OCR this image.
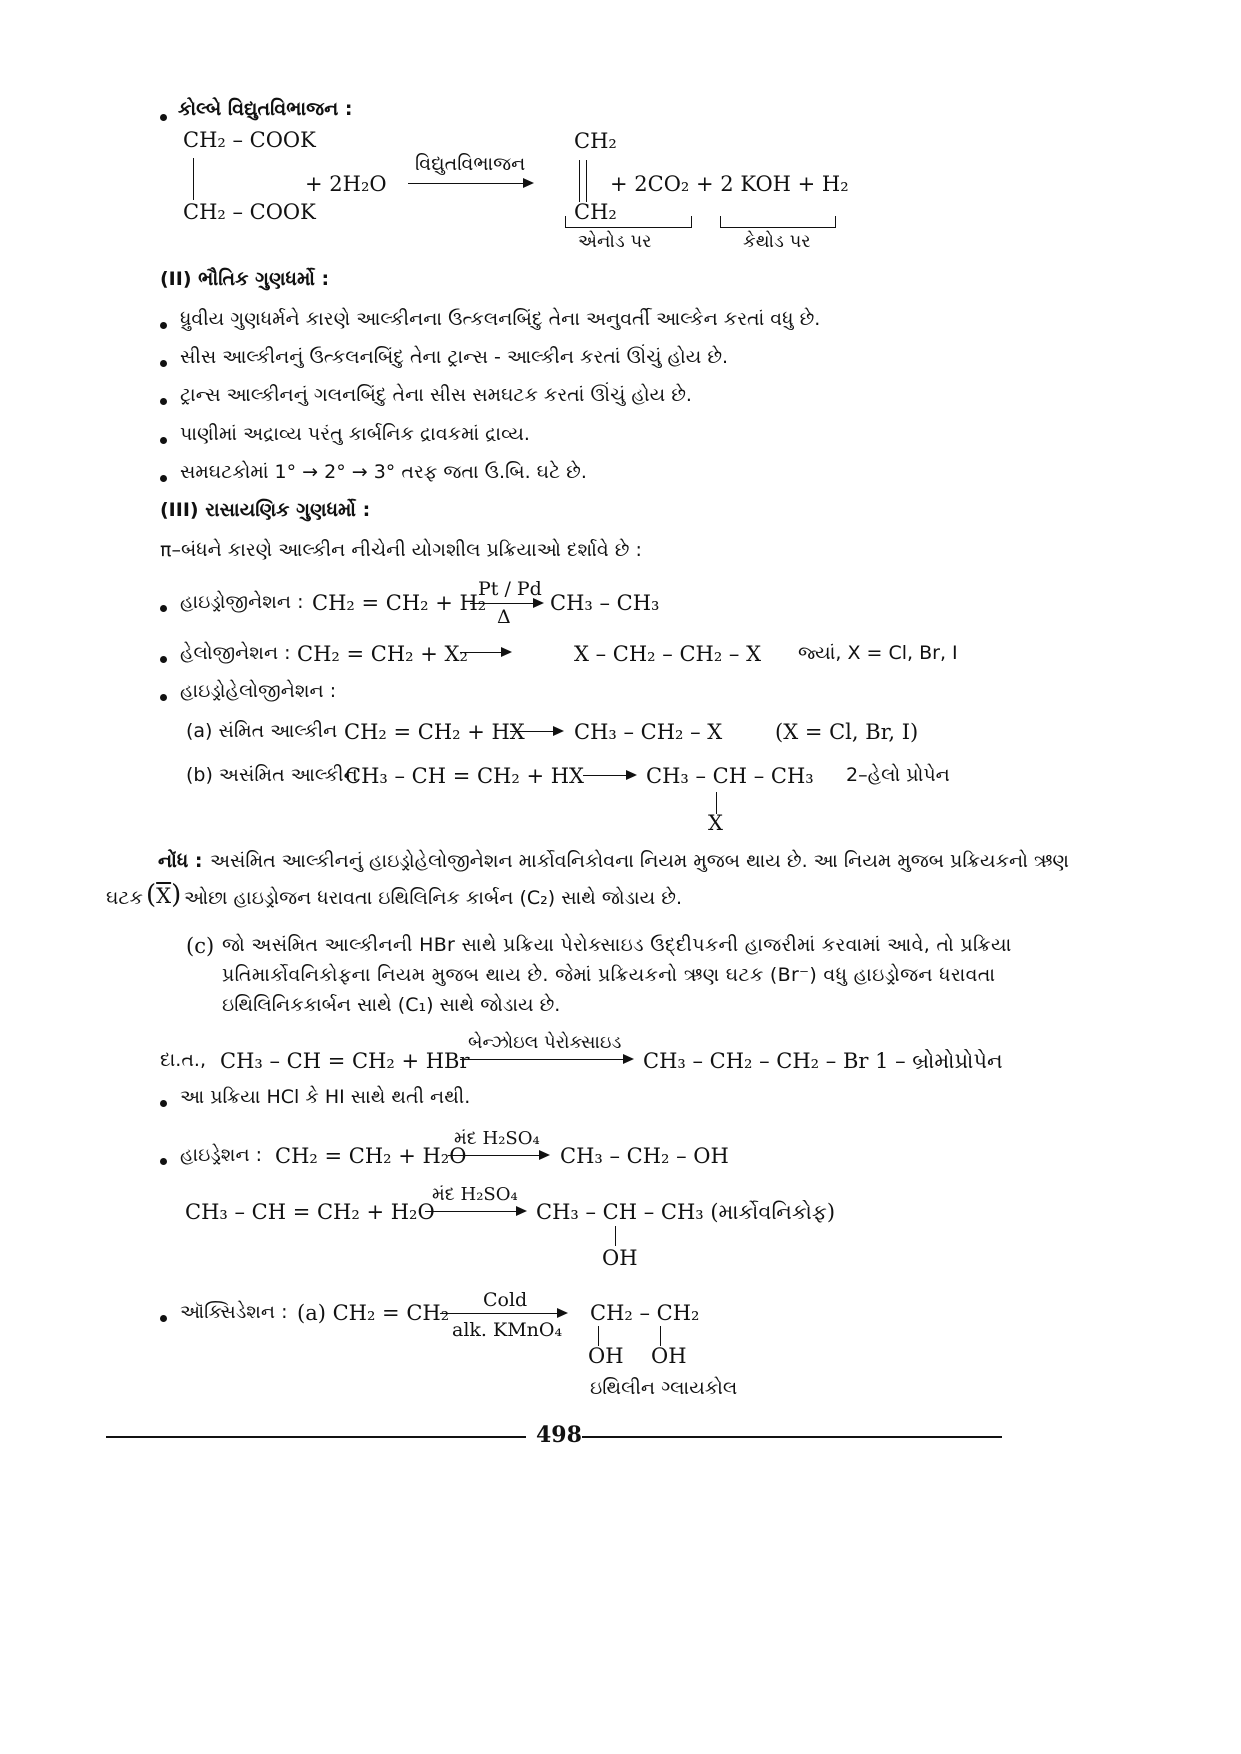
કોલ્બે વિદ્યુતવિભાજન :
CH₂ – COOK
CH₂ – COOK
+ 2H₂O
વિદ્યુતવિભાજન
CH₂
CH₂
+ 2CO₂ + 2 KOH + H₂
એનોડ પર	કેથોડ પર
(II) ભૌતિક ગુણધર્મો :
ધ્રુવીય ગુણધર્મને કારણે આલ્કીનના ઉત્કલનબિંદુ તેના અનુવર્તી આલ્કેન કરતાં વધુ છે.
સીસ આલ્કીનનું ઉત્કલનબિંદુ તેના ટ્રાન્સ - આલ્કીન કરતાં ઊંચું હોય છે.
ટ્રાન્સ આલ્કીનનું ગલનબિંદુ તેના સીસ સમઘટક કરતાં ઊંચું હોય છે.
પાણીમાં અદ્રાવ્ય પરંતુ કાર્બનિક દ્રાવકમાં દ્રાવ્ય.
સમઘટકોમાં 1° → 2° → 3° તરફ જતા ઉ.બિ. ઘટે છે.
(III) રાસાયણિક ગુણધર્મો :
π–બંધને કારણે આલ્કીન નીચેની યોગશીલ પ્રક્રિયાઓ દર્શાવે છે :
હાઇડ્રોજીનેશન : CH₂ = CH₂ + H₂
Pt / Pd
Δ
CH₃ – CH₃
હેલોજીનેશન : CH₂ = CH₂ + X₂	X – CH₂ – CH₂ – X જ્યાં, X = Cl, Br, I
હાઇડ્રોહેલોજીનેશન :
(a) સંમિત આલ્કીન CH₂ = CH₂ + HX → CH₃ – CH₂ – X	(X = Cl, Br, I)
(b) અસંમિત આલ્કીન
CH₃ – CH = CH₂ + HX → CH₃ – CH – CH₃
X
2–હેલો પ્રોપેન
નોંધ : અસંમિત આલ્કીનનું હાઇડ્રોહેલોજીનેશન માર્કોવનિકોવના નિયમ મુજબ થાય છે. આ નિયમ મુજબ પ્રક્રિયકનો ઋણ
ઘટક $(\overline{X})$ ઓછા હાઇડ્રોજન ધરાવતા ઇથિલિનિક કાર્બન (C₂) સાથે જોડાય છે.
(c) જો અસંમિત આલ્કીનની HBr સાથે પ્રક્રિયા પેરોક્સાઇડ ઉદ્દીપકની હાજરીમાં કરવામાં આવે, તો પ્રક્રિયા
પ્રતિમાર્કોવનિકોફના નિયમ મુજબ થાય છે. જેમાં પ્રક્રિયકનો ઋણ ઘટક (Br⁻) વધુ હાઇડ્રોજન ધરાવતા
ઇથિલિનિકકાર્બન સાથે (C₁) સાથે જોડાય છે.
દા.ત., CH₃ – CH = CH₂ + HBr
બેન્ઝોઇલ પેરોક્સાઇડ
CH₃ – CH₂ – CH₂ – Br 1 – બ્રોમોપ્રોપેન
આ પ્રક્રિયા HCl કે HI સાથે થતી નથી.
હાઇડ્રેશન : CH₂ = CH₂ + H₂O
મંદ H₂SO₄
CH₃ – CH₂ – OH
CH₃ – CH = CH₂ + H₂O
મંદ H₂SO₄
CH₃ – CH – CH₃ (માર્કોવનિકોફ)
OH
ઑક્સિડેશન : (a) CH₂ = CH₂
Cold
alk. KMnO₄
CH₂ – CH₂
OH OH
ઇથિલીન ગ્લાયકોલ
498
